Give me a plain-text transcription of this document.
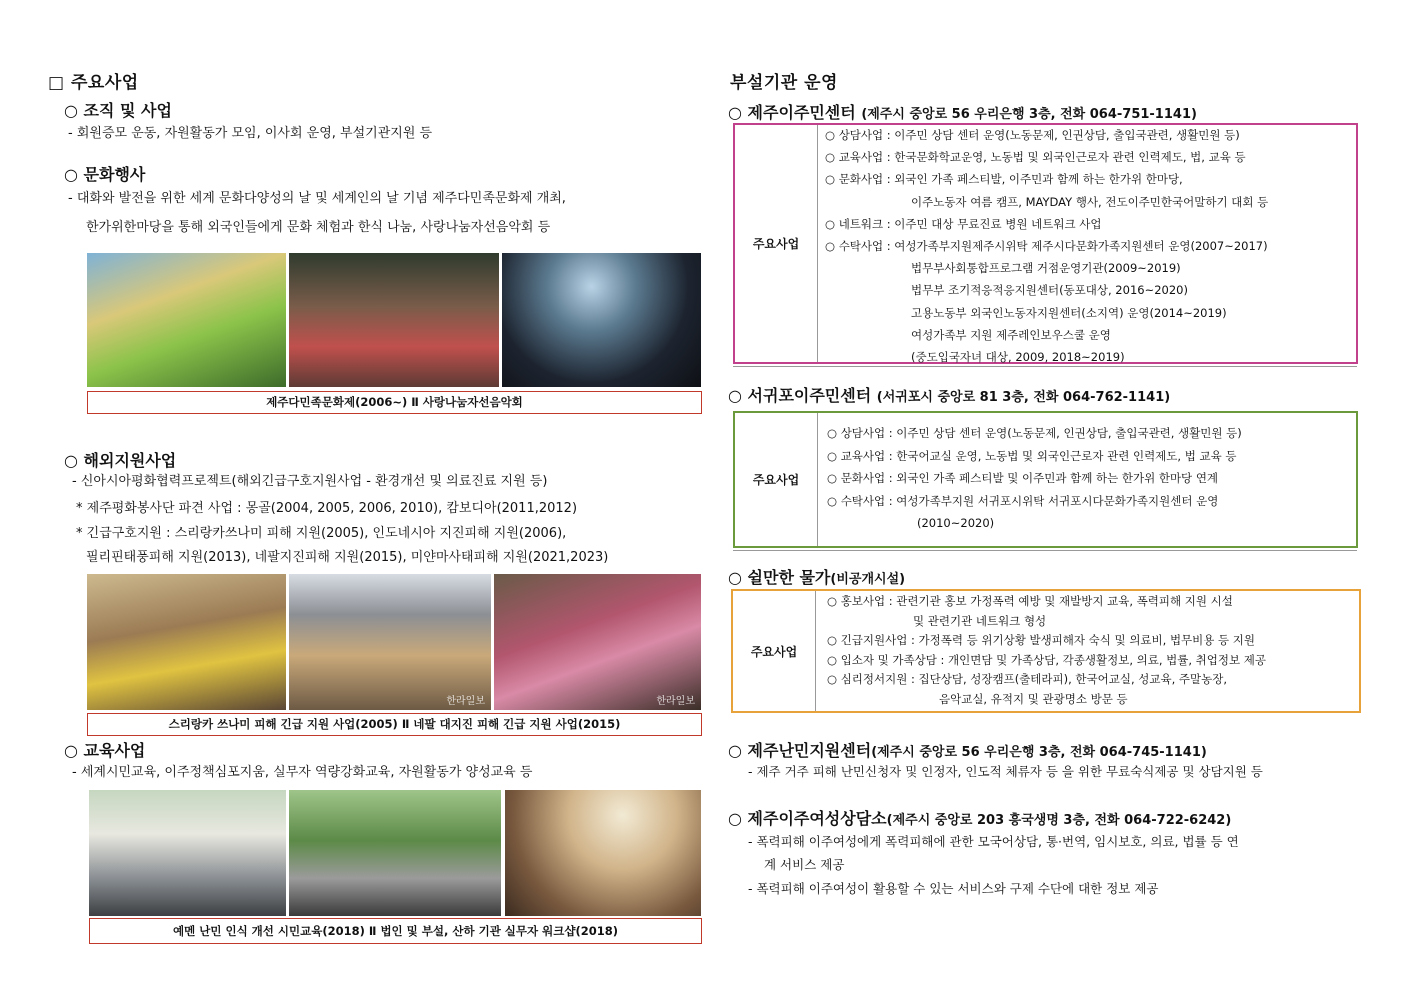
□ 주요사업
○ 조직 및 사업
- 회원증모 운동, 자원활동가 모임, 이사회 운영, 부설기관지원 등
○ 문화행사
- 대화와 발전을 위한 세계 문화다양성의 날 및 세계인의 날 기념 제주다민족문화제 개최,
한가위한마당을 통해 외국인들에게 문화 체험과 한식 나눔, 사랑나눔자선음악회 등
제주다민족문화제(2006~) Ⅱ 사랑나눔자선음악회
○ 해외지원사업
- 신아시아평화협력프로젝트(해외긴급구호지원사업 - 환경개선 및 의료진료 지원 등)
* 제주평화봉사단 파견 사업 : 몽골(2004, 2005, 2006, 2010), 캄보디아(2011,2012)
* 긴급구호지원 : 스리랑카쓰나미 피해 지원(2005), 인도네시아 지진피해 지원(2006),
필리핀태풍피해 지원(2013), 네팔지진피해 지원(2015), 미얀마사태피해 지원(2021,2023)
한라일보	한라일보
스리랑카 쓰나미 피해 긴급 지원 사업(2005) Ⅱ 네팔 대지진 피해 긴급 지원 사업(2015)
○ 교육사업
- 세계시민교육, 이주정책심포지움, 실무자 역량강화교육, 자원활동가 양성교육 등
예멘 난민 인식 개선 시민교육(2018) Ⅱ 법인 및 부설, 산하 기관 실무자 워크샵(2018)
부설기관 운영
○ 제주이주민센터 (제주시 중앙로 56 우리은행 3층, 전화 064-751-1141)
주요사업
○ 상담사업 : 이주민 상담 센터 운영(노동문제, 인권상담, 출입국관련, 생활민원 등)
○ 교육사업 : 한국문화학교운영, 노동법 및 외국인근로자 관련 인력제도, 법, 교육 등
○ 문화사업 : 외국인 가족 페스티발, 이주민과 함께 하는 한가위 한마당,
이주노동자 여름 캠프, MAYDAY 행사, 전도이주민한국어말하기 대회 등
○ 네트워크 : 이주민 대상 무료진료 병원 네트워크 사업
○ 수탁사업 : 여성가족부지원제주시위탁 제주시다문화가족지원센터 운영(2007~2017)
법무부사회통합프로그램 거점운영기관(2009~2019)
법무부 조기적응적응지원센터(동포대상, 2016~2020)
고용노동부 외국인노동자지원센터(소지역) 운영(2014~2019)
여성가족부 지원 제주레인보우스쿨 운영
(중도입국자녀 대상, 2009, 2018~2019)
○ 서귀포이주민센터 (서귀포시 중앙로 81 3층, 전화 064-762-1141)
주요사업
○ 상담사업 : 이주민 상담 센터 운영(노동문제, 인권상담, 출입국관련, 생활민원 등)
○ 교육사업 : 한국어교실 운영, 노동법 및 외국인근로자 관련 인력제도, 법 교육 등
○ 문화사업 : 외국인 가족 페스티발 및 이주민과 함께 하는 한가위 한마당 연계
○ 수탁사업 : 여성가족부지원 서귀포시위탁 서귀포시다문화가족지원센터 운영
(2010~2020)
○ 쉴만한 물가(비공개시설)
주요사업
○ 홍보사업 : 관련기관 홍보 가정폭력 예방 및 재발방지 교육, 폭력피해 지원 시설
및 관련기관 네트워크 형성
○ 긴급지원사업 : 가정폭력 등 위기상황 발생피해자 숙식 및 의료비, 법무비용 등 지원
○ 입소자 및 가족상담 : 개인면담 및 가족상담, 각종생활정보, 의료, 법률, 취업정보 제공
○ 심리정서지원 : 집단상담, 성장캠프(출테라피), 한국어교실, 성교육, 주말농장,
음악교실, 유적지 및 관광명소 방문 등
○ 제주난민지원센터(제주시 중앙로 56 우리은행 3층, 전화 064-745-1141)
- 제주 거주 피해 난민신청자 및 인정자, 인도적 체류자 등 을 위한 무료숙식제공 및 상담지원 등
○ 제주이주여성상담소(제주시 중앙로 203 흥국생명 3층, 전화 064-722-6242)
- 폭력피해 이주여성에게 폭력피해에 관한 모국어상담, 통·번역, 임시보호, 의료, 법률 등 연
계 서비스 제공
- 폭력피해 이주여성이 활용할 수 있는 서비스와 구제 수단에 대한 정보 제공
